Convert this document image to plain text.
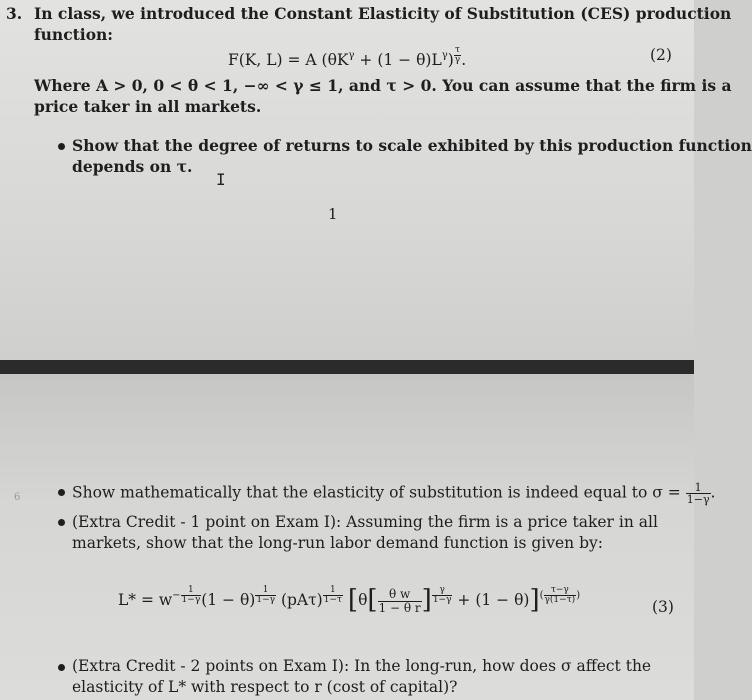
3. In class, we introduced the Constant Elasticity of Substitution (CES) production
function:
F(K, L) = A $(\theta K^\gamma + (1 - \theta)L^\gamma)$ $^{\frac{\tau}{\gamma}}$ .	(2)
Where A > 0, 0 < θ < 1, −∞ < γ ≤ 1, and τ > 0. You can assume that the firm is a
price taker in all markets.
Show that the degree of returns to scale exhibited by this production function
depends on τ.
I
1
6	Show mathematically that the elasticity of substitution is indeed equal to $\sigma = \frac{1}{1-\gamma}$ .
(Extra Credit - 1 point on Exam I): Assuming the firm is a price taker in all
markets, show that the long-run labor demand function is given by:
$L* = w^{- \frac{1}{1-\gamma}}$ (1 − θ) $^{\frac{1}{1-\gamma}}$ (pAτ) $^{\frac{1}{1-\tau}}$ [$\theta[ \frac{\text{θ w}}{\text{1 − θ r}}$ ] $^{\frac{\gamma}{1-\gamma}}$ + (1 − θ)]$^{( \frac{\tau-\gamma}{\gamma(1-\tau)} )}$
(3)
(Extra Credit - 2 points on Exam I): In the long-run, how does σ affect the
elasticity of L* with respect to r (cost of capital)?
